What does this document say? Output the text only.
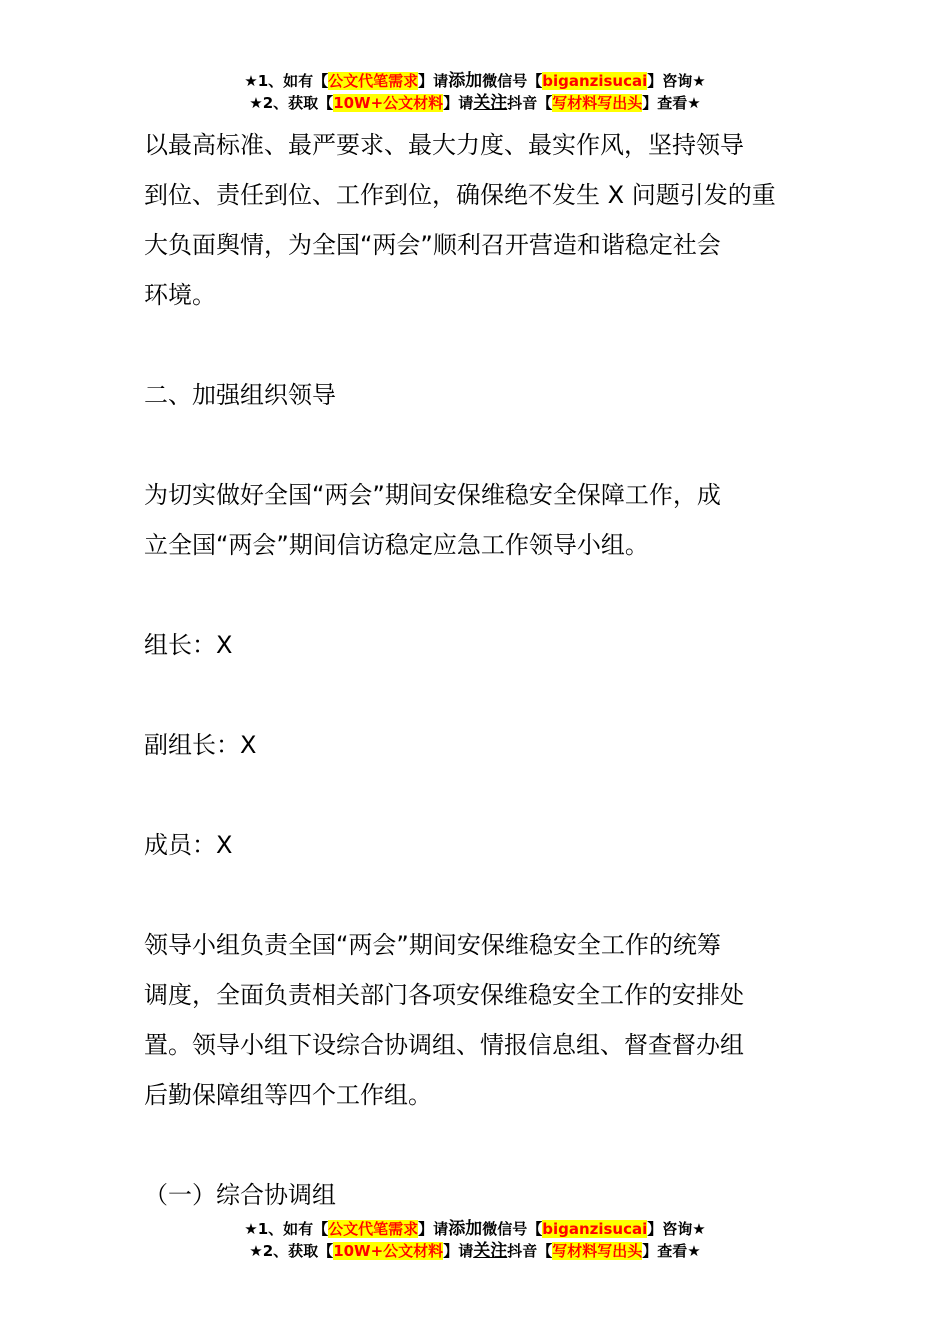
★1、如有【公文代笔需求】请添加微信号【biganzisucai】咨询★
★2、获取【10W+公文材料】请关注抖音【写材料写出头】查看★

以最高标准、最严要求、最大力度、最实作风，坚持领导

到位、责任到位、工作到位，确保绝不发生 X 问题引发的重

大负面舆情，为全国“两会”顺利召开营造和谐稳定社会

环境。

二、加强组织领导

为切实做好全国“两会”期间安保维稳安全保障工作，成

立全国“两会”期间信访稳定应急工作领导小组。

组长：X

副组长：X

成员：X

领导小组负责全国“两会”期间安保维稳安全工作的统筹

调度，全面负责相关部门各项安保维稳安全工作的安排处

置。领导小组下设综合协调组、情报信息组、督查督办组

后勤保障组等四个工作组。

（一）综合协调组

★1、如有【公文代笔需求】请添加微信号【biganzisucai】咨询★
★2、获取【10W+公文材料】请关注抖音【写材料写出头】查看★
